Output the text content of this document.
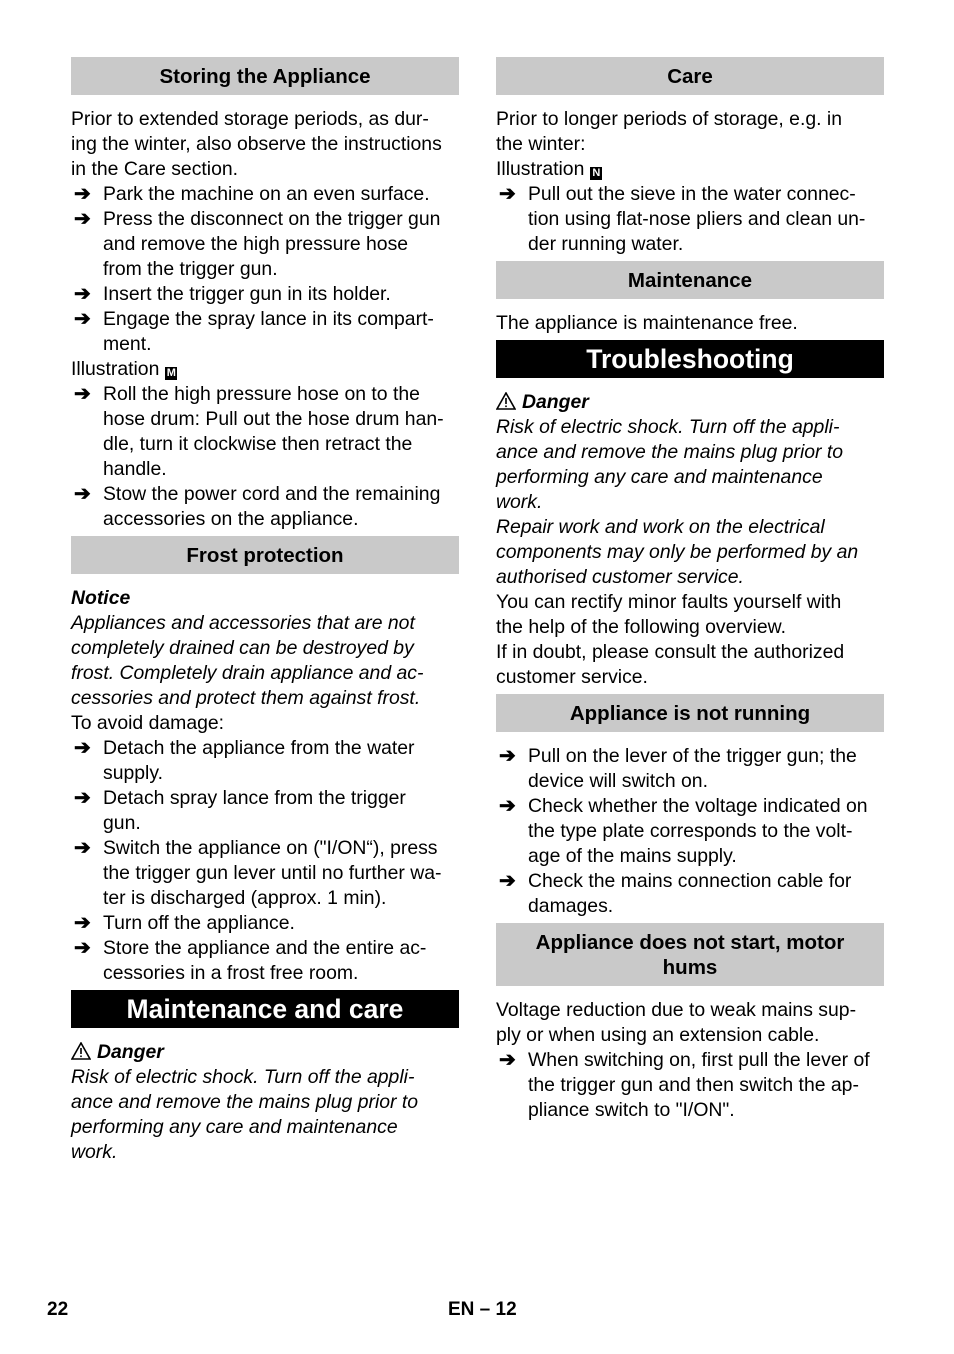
Storing the Appliance

Prior to extended storage periods, as dur-

ing the winter, also observe the instructions

in the Care section.

➔ Park the machine on an even surface.
➔ Press the disconnect on the trigger gun
and remove the high pressure hose
from the trigger gun.
➔ Insert the trigger gun in its holder.
➔ Engage the spray lance in its compart-
ment.

Illustration M

➔ Roll the high pressure hose on to the
hose drum: Pull out the hose drum han-
dle, turn it clockwise then retract the
handle.
➔ Stow the power cord and the remaining
accessories on the appliance.
Frost protection

Notice

Appliances and accessories that are not

completely drained can be destroyed by

frost. Completely drain appliance and ac-

cessories and protect them against frost.

To avoid damage:

➔ Detach the appliance from the water
supply.
➔ Detach spray lance from the trigger
gun.
➔ Switch the appliance on ("I/ON“), press
the trigger gun lever until no further wa-
ter is discharged (approx. 1 min).
➔ Turn off the appliance.
➔ Store the appliance and the entire ac-
cessories in a frost free room.
Maintenance and care

Danger

Risk of electric shock. Turn off the appli-

ance and remove the mains plug prior to

performing any care and maintenance

work.

Care

Prior to longer periods of storage, e.g. in

the winter:

Illustration N

➔ Pull out the sieve in the water connec-
tion using flat-nose pliers and clean un-
der running water.
Maintenance

The appliance is maintenance free.

Troubleshooting

Danger

Risk of electric shock. Turn off the appli-

ance and remove the mains plug prior to

performing any care and maintenance

work.

Repair work and work on the electrical

components may only be performed by an

authorised customer service.

You can rectify minor faults yourself with

the help of the following overview.

If in doubt, please consult the authorized

customer service.

Appliance is not running
➔ Pull on the lever of the trigger gun; the
device will switch on.
➔ Check whether the voltage indicated on
the type plate corresponds to the volt-
age of the mains supply.
➔ Check the mains connection cable for
damages.
Appliance does not start, motor
hums

Voltage reduction due to weak mains sup-

ply or when using an extension cable.

➔ When switching on, first pull the lever of
the trigger gun and then switch the ap-
pliance switch to "I/ON".
22	EN – 12
